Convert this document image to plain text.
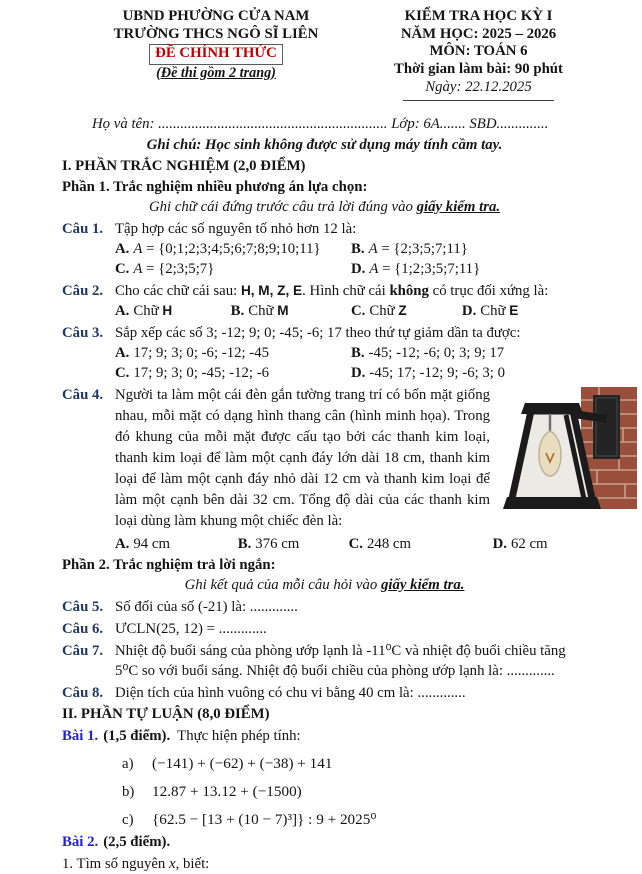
UBND PHƯỜNG CỬA NAM
TRƯỜNG THCS NGÔ SĨ LIÊN
ĐỀ CHÍNH THỨC
(Đề thi gồm 2 trang)
KIỂM TRA HỌC KỲ I
NĂM HỌC: 2025 – 2026
MÔN: TOÁN 6
Thời gian làm bài: 90 phút
Ngày: 22.12.2025
Họ và tên: .............................................................. Lớp: 6A....... SBD..............
Ghi chú: Học sinh không được sử dụng máy tính cầm tay.
I. PHẦN TRẮC NGHIỆM (2,0 ĐIỂM)
Phần 1. Trắc nghiệm nhiều phương án lựa chọn:
Ghi chữ cái đứng trước câu trả lời đúng vào giấy kiểm tra.
Câu 1. Tập hợp các số nguyên tố nhỏ hơn 12 là:
A. A = {0;1;2;3;4;5;6;7;8;9;10;11}	B. A = {2;3;5;7;11}
C. A = {2;3;5;7}	D. A = {1;2;3;5;7;11}
Câu 2. Cho các chữ cái sau: H, M, Z, E. Hình chữ cái không có trục đối xứng là:
A. Chữ H	B. Chữ M	C. Chữ Z	D. Chữ E
Câu 3. Sắp xếp các số 3; -12; 9; 0; -45; -6; 17 theo thứ tự giảm dần ta được:
A. 17; 9; 3; 0; -6; -12; -45	B. -45; -12; -6; 0; 3; 9; 17
C. 17; 9; 3; 0; -45; -12; -6	D. -45; 17; -12; 9; -6; 3; 0
Câu 4. Người ta làm một cái đèn gắn tường trang trí có bốn mặt giống nhau, mỗi mặt có dạng hình thang cân (hình minh họa). Trong đó khung của mỗi mặt được cấu tạo bởi các thanh kim loại, thanh kim loại để làm một cạnh đáy lớn dài 18 cm, thanh kim loại để làm một cạnh đáy nhỏ dài 12 cm và thanh kim loại để làm một cạnh bên dài 32 cm. Tổng độ dài của các thanh kim loại dùng làm khung một chiếc đèn là:
A. 94 cm	B. 376 cm	C. 248 cm	D. 62 cm
Phần 2. Trắc nghiệm trả lời ngắn:
Ghi kết quả của mỗi câu hỏi vào giấy kiểm tra.
Câu 5. Số đối của số (-21) là: .............
Câu 6. ƯCLN(25, 12) = .............
Câu 7. Nhiệt độ buổi sáng của phòng ướp lạnh là -11⁰C và nhiệt độ buổi chiều tăng 5⁰C so với buổi sáng. Nhiệt độ buổi chiều của phòng ướp lạnh là: .............
Câu 8. Diện tích của hình vuông có chu vi bằng 40 cm là: .............
II. PHẦN TỰ LUẬN (8,0 ĐIỂM)
Bài 1. (1,5 điểm). Thực hiện phép tính:
a)	(−141) + (−62) + (−38) + 141
b)	12.87 + 13.12 + (−1500)
c)	{62.5 − [13 + (10 − 7)³]} : 9 + 2025⁰
Bài 2. (2,5 điểm).
1. Tìm số nguyên x, biết:
